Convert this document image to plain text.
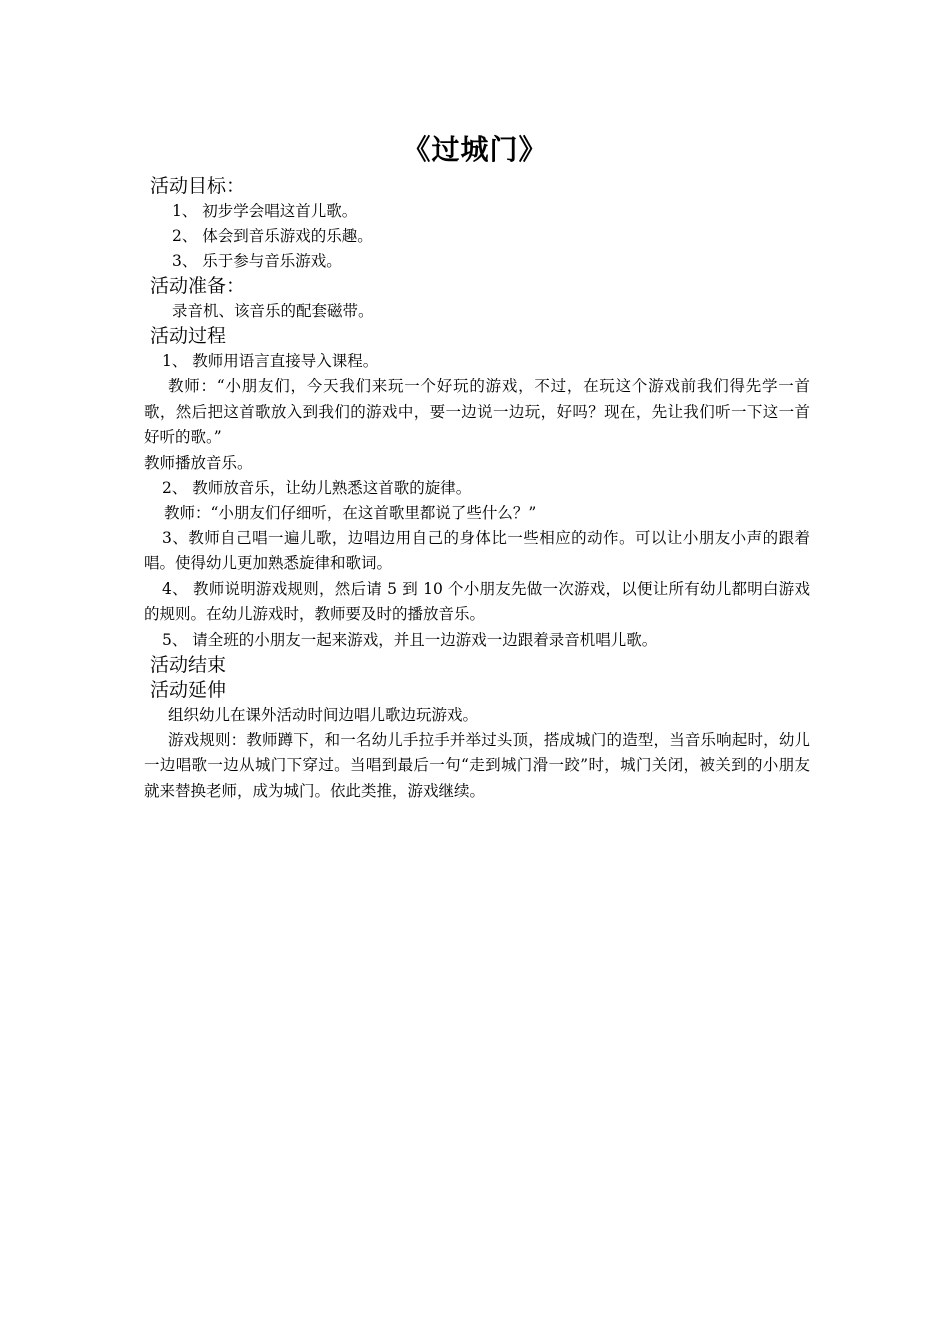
《过城门》
活动目标：
1、 初步学会唱这首儿歌。
2、 体会到音乐游戏的乐趣。
3、 乐于参与音乐游戏。
活动准备：
录音机、该音乐的配套磁带。
活动过程
1、 教师用语言直接导入课程。
教师：“小朋友们，今天我们来玩一个好玩的游戏，不过，在玩这个游戏前我们得先学一首歌，然后把这首歌放入到我们的游戏中，要一边说一边玩，好吗？现在，先让我们听一下这一首好听的歌。”
教师播放音乐。
2、 教师放音乐，让幼儿熟悉这首歌的旋律。
教师：“小朋友们仔细听，在这首歌里都说了些什么？”
3、教师自己唱一遍儿歌，边唱边用自己的身体比一些相应的动作。可以让小朋友小声的跟着唱。使得幼儿更加熟悉旋律和歌词。
4、 教师说明游戏规则，然后请 5 到 10 个小朋友先做一次游戏，以便让所有幼儿都明白游戏的规则。在幼儿游戏时，教师要及时的播放音乐。
5、 请全班的小朋友一起来游戏，并且一边游戏一边跟着录音机唱儿歌。
活动结束
活动延伸
组织幼儿在课外活动时间边唱儿歌边玩游戏。
游戏规则：教师蹲下，和一名幼儿手拉手并举过头顶，搭成城门的造型，当音乐响起时，幼儿一边唱歌一边从城门下穿过。当唱到最后一句“走到城门滑一跤”时，城门关闭，被关到的小朋友就来替换老师，成为城门。依此类推，游戏继续。
